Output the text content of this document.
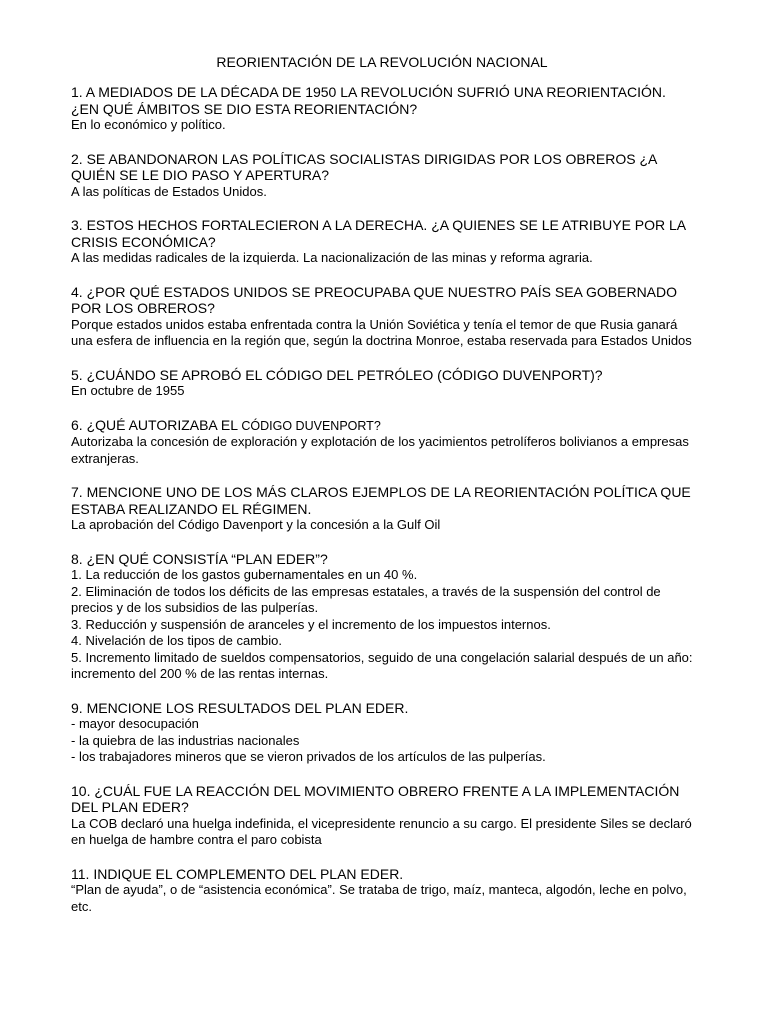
REORIENTACIÓN DE LA REVOLUCIÓN NACIONAL

1. A MEDIADOS DE LA DÉCADA DE 1950 LA REVOLUCIÓN SUFRIÓ UNA REORIENTACIÓN. ¿EN QUÉ ÁMBITOS SE DIO ESTA REORIENTACIÓN?

En lo económico y político.

2. SE ABANDONARON LAS POLÍTICAS SOCIALISTAS DIRIGIDAS POR LOS OBREROS ¿A QUIÉN SE LE DIO PASO Y APERTURA?

A las políticas de Estados Unidos.

3. ESTOS HECHOS FORTALECIERON A LA DERECHA. ¿A QUIENES SE LE ATRIBUYE POR LA CRISIS ECONÓMICA?

A las medidas radicales de la izquierda. La nacionalización de las minas y reforma agraria.

4. ¿POR QUÉ ESTADOS UNIDOS SE PREOCUPABA QUE NUESTRO PAÍS SEA GOBERNADO POR LOS OBREROS?

Porque estados unidos estaba enfrentada contra la Unión Soviética y tenía el temor de que Rusia ganará una esfera de influencia en la región que, según la doctrina Monroe, estaba reservada para Estados Unidos

5. ¿CUÁNDO SE APROBÓ EL CÓDIGO DEL PETRÓLEO (CÓDIGO DUVENPORT)?

En octubre de 1955

6. ¿QUÉ AUTORIZABA EL CÓDIGO DUVENPORT?

Autorizaba la concesión de exploración y explotación de los yacimientos petrolíferos bolivianos a empresas extranjeras.

7. MENCIONE UNO DE LOS MÁS CLAROS EJEMPLOS DE LA REORIENTACIÓN POLÍTICA QUE ESTABA REALIZANDO EL RÉGIMEN.

La aprobación del Código Davenport y la concesión a la Gulf Oil

8. ¿EN QUÉ CONSISTÍA “PLAN EDER”?

1. La reducción de los gastos gubernamentales en un 40 %.

2. Eliminación de todos los déficits de las empresas estatales, a través de la suspensión del control de precios y de los subsidios de las pulperías.

3. Reducción y suspensión de aranceles y el incremento de los impuestos internos.

4. Nivelación de los tipos de cambio.

5. Incremento limitado de sueldos compensatorios, seguido de una congelación salarial después de un año: incremento del 200 % de las rentas internas.

9. MENCIONE LOS RESULTADOS DEL PLAN EDER.

- mayor desocupación

- la quiebra de las industrias nacionales

- los trabajadores mineros que se vieron privados de los artículos de las pulperías.

10. ¿CUÁL FUE LA REACCIÓN DEL MOVIMIENTO OBRERO FRENTE A LA IMPLEMENTACIÓN DEL PLAN EDER?

La COB declaró una huelga indefinida, el vicepresidente renuncio a su cargo. El presidente Siles se declaró en huelga de hambre contra el paro cobista

11. INDIQUE EL COMPLEMENTO DEL PLAN EDER.

“Plan de ayuda”, o de “asistencia económica”. Se trataba de trigo, maíz, manteca, algodón, leche en polvo, etc.
